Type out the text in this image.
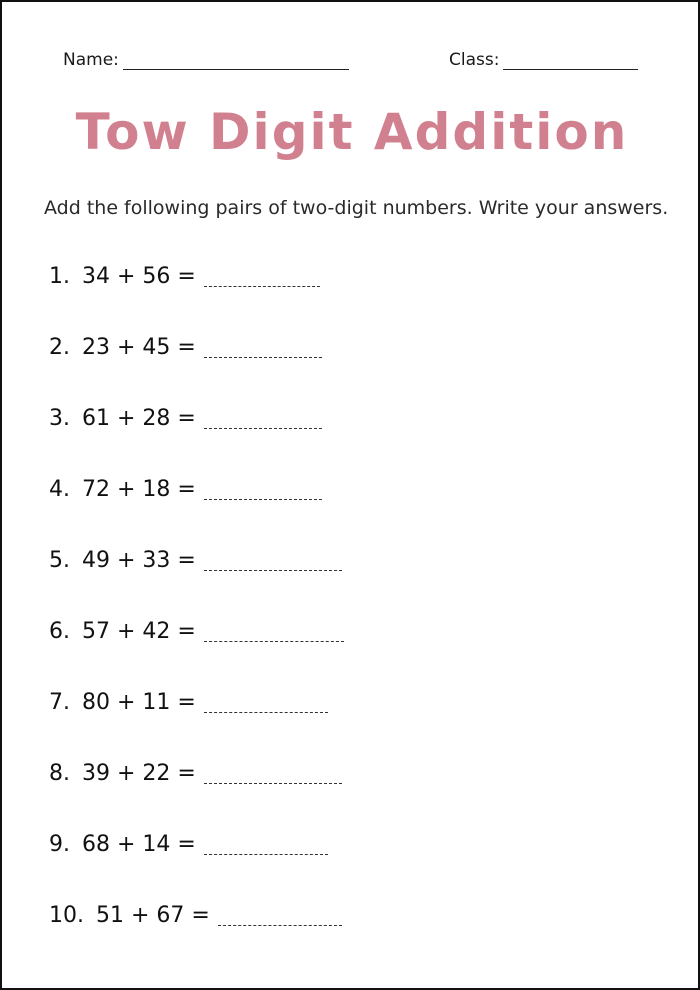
Name:	Class:
Tow Digit Addition
Add the following pairs of two-digit numbers. Write your answers.
1. 34 + 56 =
2. 23 + 45 =
3. 61 + 28 =
4. 72 + 18 =
5. 49 + 33 =
6. 57 + 42 =
7. 80 + 11 =
8. 39 + 22 =
9. 68 + 14 =
10. 51 + 67 =
